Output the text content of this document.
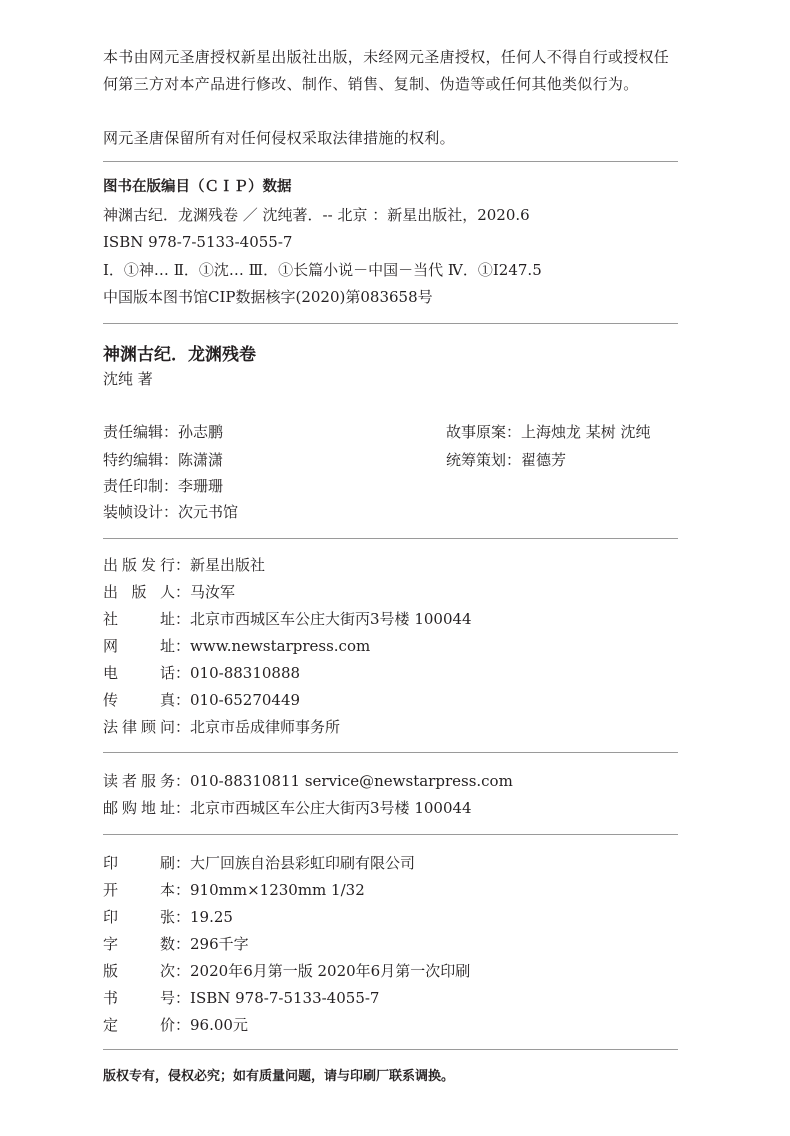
本书由网元圣唐授权新星出版社出版，未经网元圣唐授权，任何人不得自行或授权任何第三方对本产品进行修改、制作、销售、复制、伪造等或任何其他类似行为。
网元圣唐保留所有对任何侵权采取法律措施的权利。
图书在版编目（ＣＩＰ）数据
神渊古纪．龙渊残卷 ／ 沈纯著．-- 北京 ：新星出版社，2020.6
ISBN 978-7-5133-4055-7
Ⅰ．①神… Ⅱ．①沈… Ⅲ．①长篇小说－中国－当代 Ⅳ．①I247.5
中国版本图书馆CIP数据核字(2020)第083658号
神渊古纪．龙渊残卷
沈纯 著
责任编辑：孙志鹏
特约编辑：陈潇潇
责任印制：李珊珊
装帧设计：次元书馆
故事原案：上海烛龙 某树 沈纯
统筹策划：翟德芳
出 版 发 行 ：新星出版社
出 版 人 ：马汝军
社	址 ：北京市西城区车公庄大街丙3号楼 100044
网	址 ：www.newstarpress.com
电	话 ：010-88310888
传	真 ：010-65270449
法 律 顾 问 ：北京市岳成律师事务所
读 者 服 务 ：010-88310811 service@newstarpress.com
邮 购 地 址 ：北京市西城区车公庄大街丙3号楼 100044
印	刷 ：大厂回族自治县彩虹印刷有限公司
开	本 ：910mm×1230mm 1/32
印	张 ：19.25
字	数 ：296千字
版	次 ：2020年6月第一版 2020年6月第一次印刷
书	号 ：ISBN 978-7-5133-4055-7
定	价 ：96.00元
版权专有，侵权必究；如有质量问题，请与印刷厂联系调换。
